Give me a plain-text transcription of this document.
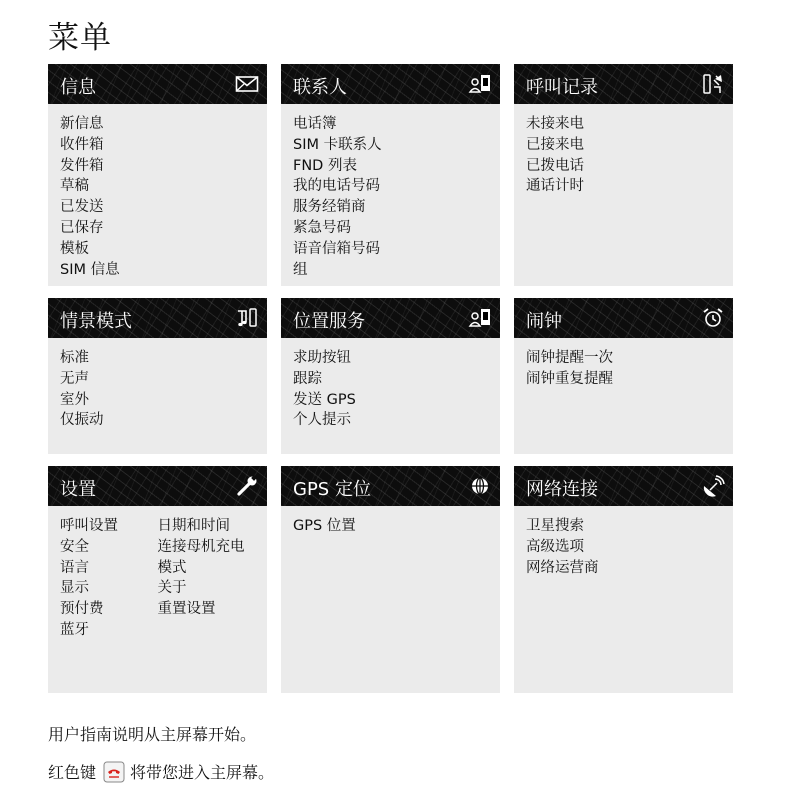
菜单
信息
新信息
收件箱
发件箱
草稿
已发送
已保存
模板
SIM 信息
联系人
电话簿
SIM 卡联系人
FND 列表
我的电话号码
服务经销商
紧急号码
语音信箱号码
组
呼叫记录
未接来电
已接来电
已拨电话
通话计时
情景模式
标准
无声
室外
仅振动
位置服务
求助按钮
跟踪
发送 GPS
个人提示
闹钟
闹钟提醒一次
闹钟重复提醒
设置
呼叫设置
安全
语言
显示
预付费
蓝牙
日期和时间
连接母机充电
模式
关于
重置设置
GPS 定位
GPS 位置
网络连接
卫星搜索
高级选项
网络运营商
用户指南说明从主屏幕开始。
红色键 将带您进入主屏幕。
